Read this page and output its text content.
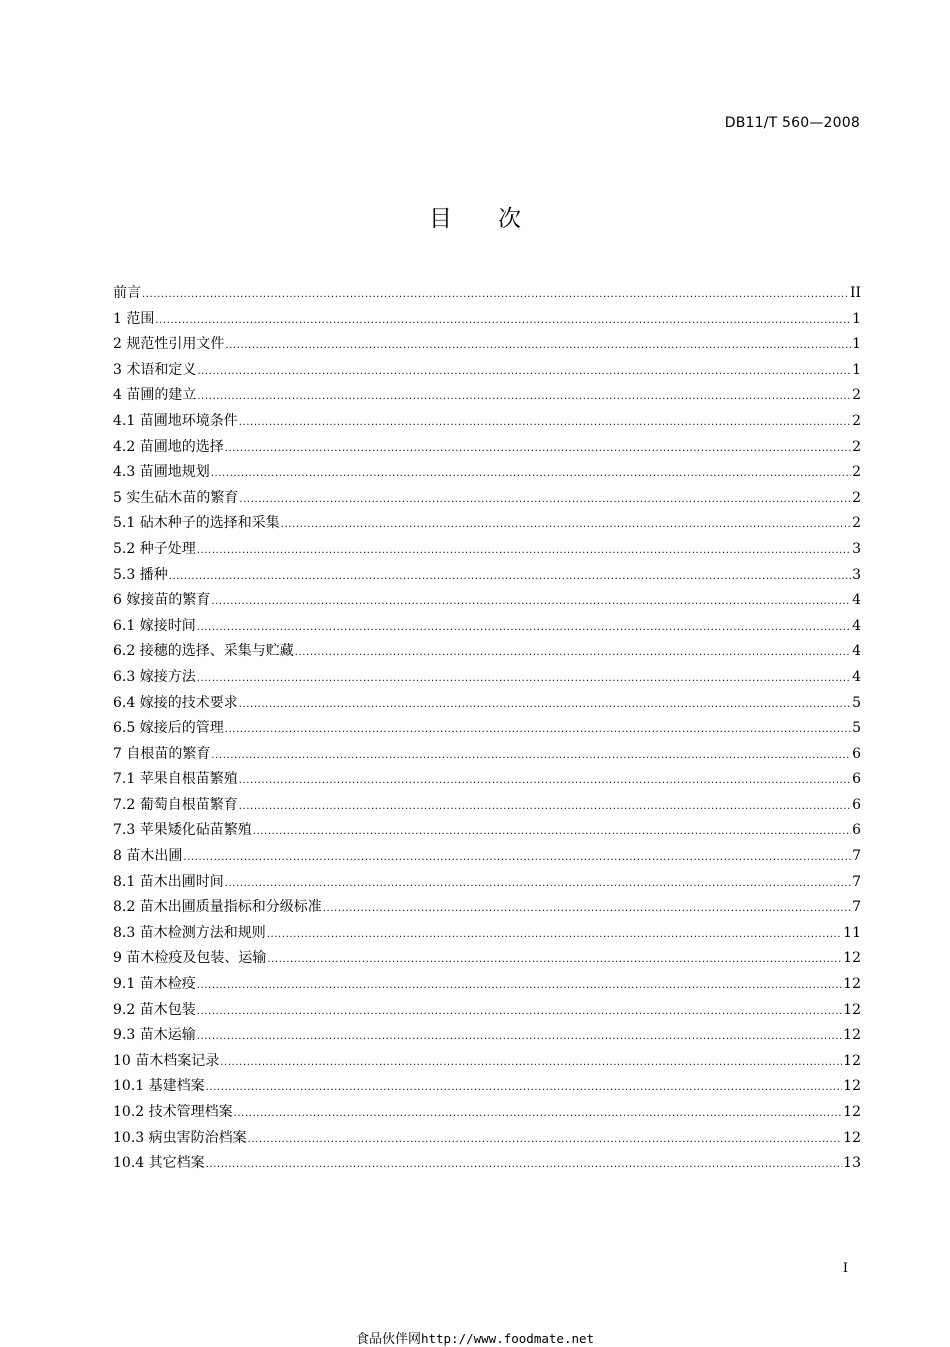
DB11/T 560—2008
目　　次
前言 .....	II
1 范围 .....	1
2 规范性引用文件 .....	1
3 术语和定义 .....	1
4 苗圃的建立 .....	2
4.1 苗圃地环境条件 .....	2
4.2 苗圃地的选择 .....	2
4.3 苗圃地规划 .....	2
5 实生砧木苗的繁育 .....	2
5.1 砧木种子的选择和采集 .....	2
5.2 种子处理 .....	3
5.3 播种 .....	3
6 嫁接苗的繁育 .....	4
6.1 嫁接时间 .....	4
6.2 接穗的选择、采集与贮藏 .....	4
6.3 嫁接方法 .....	4
6.4 嫁接的技术要求 .....	5
6.5 嫁接后的管理 .....	5
7 自根苗的繁育 .....	6
7.1 苹果自根苗繁殖 .....	6
7.2 葡萄自根苗繁育 .....	6
7.3 苹果矮化砧苗繁殖 .....	6
8 苗木出圃 .....	7
8.1 苗木出圃时间 .....	7
8.2 苗木出圃质量指标和分级标准 .....	7
8.3 苗木检测方法和规则 .....	11
9 苗木检疫及包装、运输 .....	12
9.1 苗木检疫 .....	12
9.2 苗木包装 .....	12
9.3 苗木运输 .....	12
10 苗木档案记录 .....	12
10.1 基建档案 .....	12
10.2 技术管理档案 .....	12
10.3 病虫害防治档案 .....	12
10.4 其它档案 .....	13
I
食品伙伴网http://www.foodmate.net
